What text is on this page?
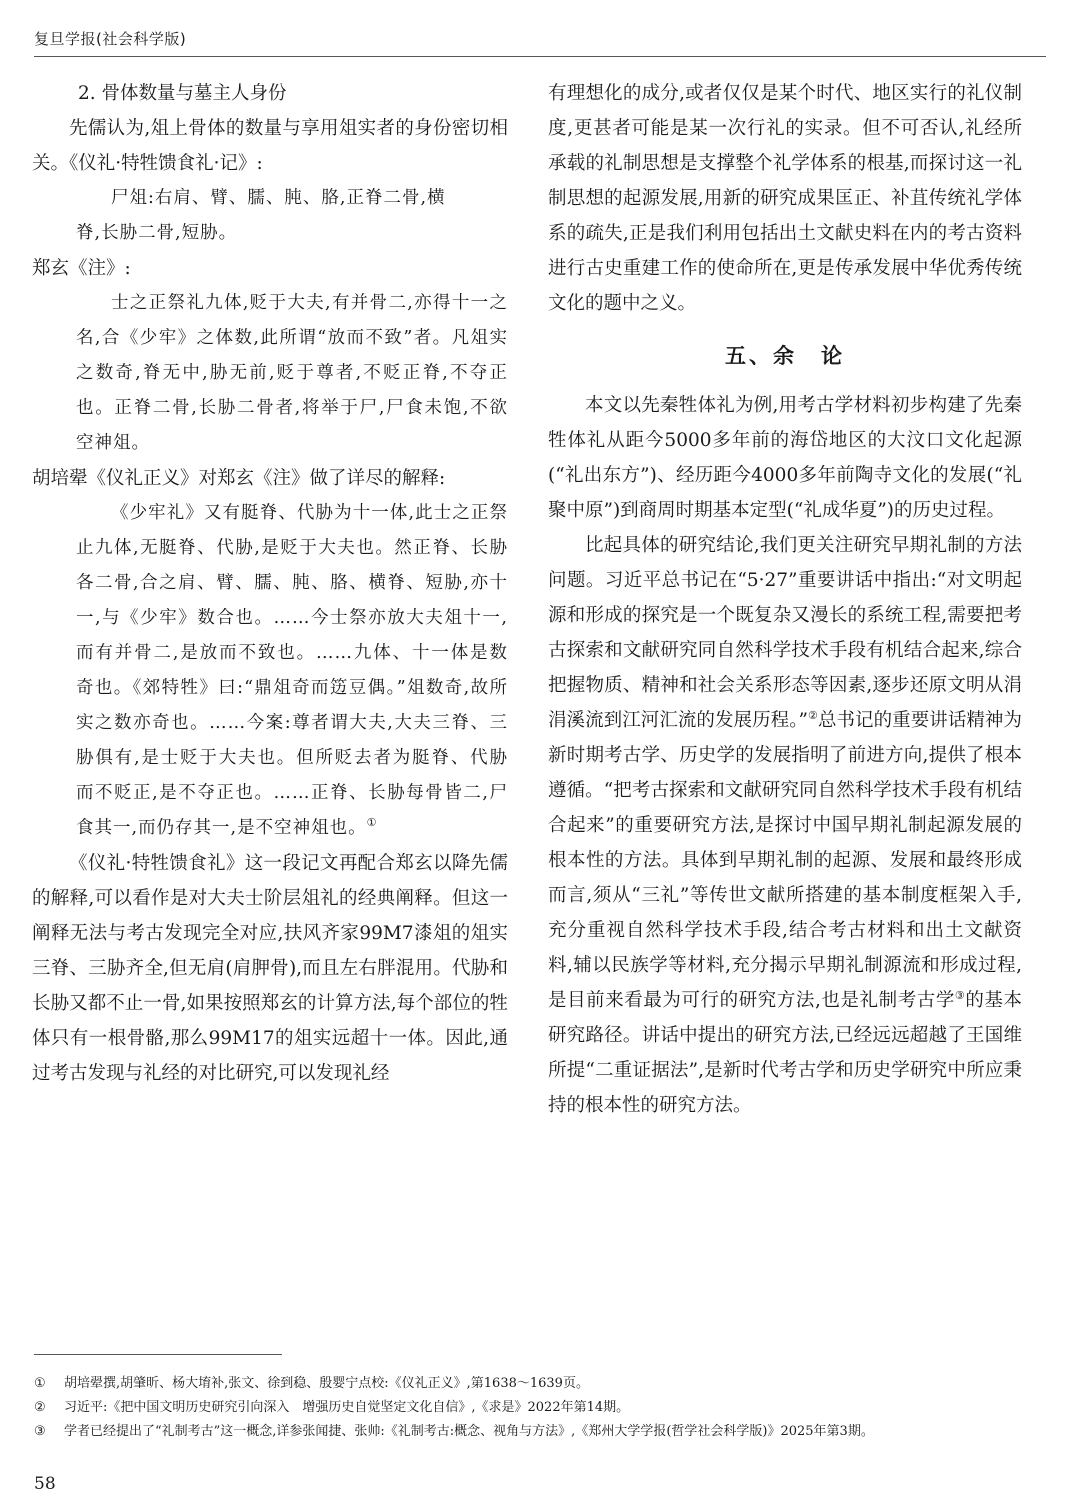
复旦学报(社会科学版)

2. 骨体数量与墓主人身份

先儒认为,俎上骨体的数量与享用俎实者的身份密切相关。《仪礼·特牲馈食礼·记》:

尸俎:右肩、臂、臑、肫、胳,正脊二骨,横

脊,长胁二骨,短胁。

郑玄《注》:

士之正祭礼九体,贬于大夫,有并骨二,亦得十一之名,合《少牢》之体数,此所谓“放而不致”者。凡俎实之数奇,脊无中,胁无前,贬于尊者,不贬正脊,不夺正也。正脊二骨,长胁二骨者,将举于尸,尸食未饱,不欲空神俎。

胡培翚《仪礼正义》对郑玄《注》做了详尽的解释:

《少牢礼》又有脡脊、代胁为十一体,此士之正祭止九体,无脡脊、代胁,是贬于大夫也。然正脊、长胁各二骨,合之肩、臂、臑、肫、胳、横脊、短胁,亦十一,与《少牢》数合也。……今士祭亦放大夫俎十一,而有并骨二,是放而不致也。……九体、十一体是数奇也。《郊特牲》曰:“鼎俎奇而笾豆偶。”俎数奇,故所实之数亦奇也。……今案:尊者谓大夫,大夫三脊、三胁俱有,是士贬于大夫也。但所贬去者为脡脊、代胁而不贬正,是不夺正也。……正脊、长胁每骨皆二,尸食其一,而仍存其一,是不空神俎也。①

《仪礼·特牲馈食礼》这一段记文再配合郑玄以降先儒的解释,可以看作是对大夫士阶层俎礼的经典阐释。但这一阐释无法与考古发现完全对应,扶风齐家99M7漆俎的俎实三脊、三胁齐全,但无肩(肩胛骨),而且左右胖混用。代胁和长胁又都不止一骨,如果按照郑玄的计算方法,每个部位的牲体只有一根骨骼,那么99M17的俎实远超十一体。因此,通过考古发现与礼经的对比研究,可以发现礼经

有理想化的成分,或者仅仅是某个时代、地区实行的礼仪制度,更甚者可能是某一次行礼的实录。但不可否认,礼经所承载的礼制思想是支撑整个礼学体系的根基,而探讨这一礼制思想的起源发展,用新的研究成果匡正、补苴传统礼学体系的疏失,正是我们利用包括出土文献史料在内的考古资料进行古史重建工作的使命所在,更是传承发展中华优秀传统文化的题中之义。

五、余　论

本文以先秦牲体礼为例,用考古学材料初步构建了先秦牲体礼从距今5000多年前的海岱地区的大汶口文化起源(“礼出东方”)、经历距今4000多年前陶寺文化的发展(“礼聚中原”)到商周时期基本定型(“礼成华夏”)的历史过程。

比起具体的研究结论,我们更关注研究早期礼制的方法问题。习近平总书记在“5·27”重要讲话中指出:“对文明起源和形成的探究是一个既复杂又漫长的系统工程,需要把考古探索和文献研究同自然科学技术手段有机结合起来,综合把握物质、精神和社会关系形态等因素,逐步还原文明从涓涓溪流到江河汇流的发展历程。”②总书记的重要讲话精神为新时期考古学、历史学的发展指明了前进方向,提供了根本遵循。“把考古探索和文献研究同自然科学技术手段有机结合起来”的重要研究方法,是探讨中国早期礼制起源发展的根本性的方法。具体到早期礼制的起源、发展和最终形成而言,须从“三礼”等传世文献所搭建的基本制度框架入手,充分重视自然科学技术手段,结合考古材料和出土文献资料,辅以民族学等材料,充分揭示早期礼制源流和形成过程,是目前来看最为可行的研究方法,也是礼制考古学③的基本研究路径。讲话中提出的研究方法,已经远远超越了王国维所提“二重证据法”,是新时代考古学和历史学研究中所应秉持的根本性的研究方法。

①	胡培翚撰,胡肇昕、杨大堉补,张文、徐到稳、殷婴宁点校:《仪礼正义》,第1638～1639页。
②	习近平:《把中国文明历史研究引向深入　增强历史自觉坚定文化自信》,《求是》2022年第14期。
③	学者已经提出了“礼制考古”这一概念,详参张闻捷、张帅:《礼制考古:概念、视角与方法》,《郑州大学学报(哲学社会科学版)》2025年第3期。
58
